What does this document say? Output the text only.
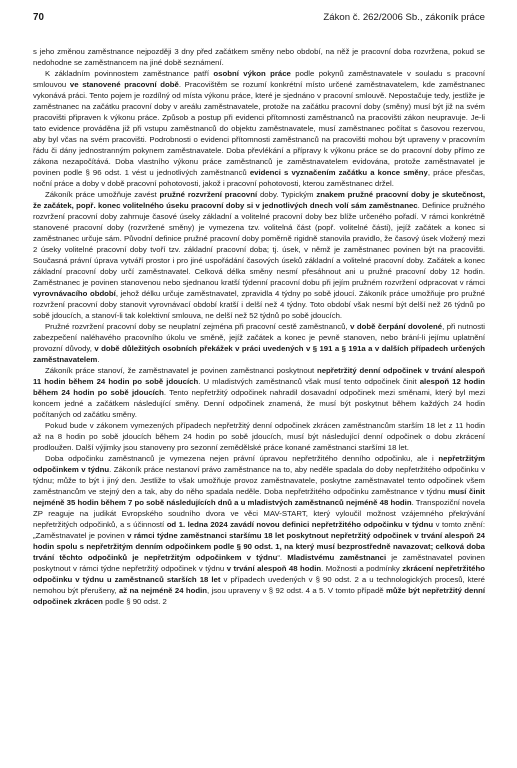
70	Zákon č. 262/2006 Sb., zákoník práce

s jeho změnou zaměstnance nejpozději 3 dny před začátkem směny nebo období, na něž je pracovní doba rozvržena, pokud se nedohodne se zaměstnancem na jiné době seznámení.

K základním povinnostem zaměstnance patří osobní výkon práce podle pokynů zaměstnavatele v souladu s pracovní smlouvou ve stanovené pracovní době. Pracovištěm se rozumí konkrétní místo určené zaměstnavatelem, kde zaměstnanec vykonává práci. Tento pojem je rozdílný od místa výkonu práce, které je sjednáno v pracovní smlouvě. Nepostačuje tedy, jestliže je zaměstnanec na začátku pracovní doby v areálu zaměstnavatele, protože na začátku pracovní doby (směny) musí být již na svém pracovišti připraven k výkonu práce. Způsob a postup při evidenci přítomnosti zaměstnanců na pracovišti zákon neupravuje. Je-li tato evidence prováděna již při vstupu zaměstnanců do objektu zaměstnavatele, musí zaměstnanec počítat s časovou rezervou, aby byl včas na svém pracovišti. Podrobnosti o evidenci přítomnosti zaměstnanců na pracovišti mohou být upraveny v pracovním řádu či dány jednostranným pokynem zaměstnavatele. Doba převlékání a přípravy k výkonu práce se do pracovní doby přímo ze zákona nezapočítává. Doba vlastního výkonu práce zaměstnanců je zaměstnavatelem evidována, protože zaměstnavatel je povinen podle § 96 odst. 1 vést u jednotlivých zaměstnanců evidenci s vyznačením začátku a konce směny, práce přesčas, noční práce a doby v době pracovní pohotovosti, jakož i pracovní pohotovosti, kterou zaměstnanec držel.

Zákoník práce umožňuje zavést pružné rozvržení pracovní doby. Typickým znakem pružné pracovní doby je skutečnost, že začátek, popř. konec volitelného úseku pracovní doby si v jednotlivých dnech volí sám zaměstnanec. Definice pružného rozvržení pracovní doby zahrnuje časové úseky základní a volitelné pracovní doby bez blíže určeného pořadí. V rámci konkrétně stanovené pracovní doby (rozvržené směny) je vymezena tzv. volitelná část (popř. volitelné části), jejíž začátek a konec si zaměstnanec určuje sám. Původní definice pružné pracovní doby poměrně rigidně stanovila pravidlo, že časový úsek vložený mezi 2 úseky volitelné pracovní doby tvoří tzv. základní pracovní doba; tj. úsek, v němž je zaměstnanec povinen být na pracovišti. Současná právní úprava vytváří prostor i pro jiné uspořádání časových úseků základní a volitelné pracovní doby. Začátek a konec základní pracovní doby určí zaměstnavatel. Celková délka směny nesmí přesáhnout ani u pružné pracovní doby 12 hodin. Zaměstnanec je povinen stanovenou nebo sjednanou kratší týdenní pracovní dobu při jejím pružném rozvržení odpracovat v rámci vyrovnávacího období, jehož délku určuje zaměstnavatel, zpravidla 4 týdny po sobě jdoucí. Zákoník práce umožňuje pro pružné rozvržení pracovní doby stanovit vyrovnávací období kratší i delší než 4 týdny. Toto období však nesmí být delší než 26 týdnů po sobě jdoucích, a stanoví-li tak kolektivní smlouva, ne delší než 52 týdnů po sobě jdoucích.

Pružné rozvržení pracovní doby se neuplatní zejména při pracovní cestě zaměstnanců, v době čerpání dovolené, při nutnosti zabezpečení naléhavého pracovního úkolu ve směně, jejíž začátek a konec je pevně stanoven, nebo brání-li jejímu uplatnění provozní důvody, v době důležitých osobních překážek v práci uvedených v § 191 a § 191a a v dalších případech určených zaměstnavatelem.

Zákoník práce stanoví, že zaměstnavatel je povinen zaměstnanci poskytnout nepřetržitý denní odpočinek v trvání alespoň 11 hodin během 24 hodin po sobě jdoucích. U mladistvých zaměstnanců však musí tento odpočinek činit alespoň 12 hodin během 24 hodin po sobě jdoucích. Tento nepřetržitý odpočinek nahradil dosavadní odpočinek mezi směnami, který byl mezi koncem jedné a začátkem následující směny. Denní odpočinek znamená, že musí být poskytnut během každých 24 hodin počítaných od začátku směny.

Pokud bude v zákonem vymezených případech nepřetržitý denní odpočinek zkrácen zaměstnancům starším 18 let z 11 hodin až na 8 hodin po sobě jdoucích během 24 hodin po sobě jdoucích, musí být následující denní odpočinek o dobu zkrácení prodloužen. Další výjimky jsou stanoveny pro sezonní zemědělské práce konané zaměstnanci staršími 18 let.

Doba odpočinku zaměstnanců je vymezena nejen právní úpravou nepřetržitého denního odpočinku, ale i nepřetržitým odpočinkem v týdnu. Zákoník práce nestanoví právo zaměstnance na to, aby neděle spadala do doby nepřetržitého odpočinku v týdnu; může to být i jiný den. Jestliže to však umožňuje provoz zaměstnavatele, poskytne zaměstnavatel tento odpočinek všem zaměstnancům ve stejný den a tak, aby do něho spadala neděle. Doba nepřetržitého odpočinku zaměstnance v týdnu musí činit nejméně 35 hodin během 7 po sobě následujících dnů a u mladistvých zaměstnanců nejméně 48 hodin. Transpoziční novela ZP reaguje na judikát Evropského soudního dvora ve věci MAV-START, který vyloučil možnost vzájemného překrývání nepřetržitých odpočinků, a s účinností od 1. ledna 2024 zavádí novou definici nepřetržitého odpočinku v týdnu v tomto znění: „Zaměstnavatel je povinen v rámci týdne zaměstnanci staršímu 18 let poskytnout nepřetržitý odpočinek v trvání alespoň 24 hodin spolu s nepřetržitým denním odpočinkem podle § 90 odst. 1, na který musí bezprostředně navazovat; celková doba trvání těchto odpočinků je nepřetržitým odpočinkem v týdnu“. Mladistvému zaměstnanci je zaměstnavatel povinen poskytnout v rámci týdne nepřetržitý odpočinek v týdnu v trvání alespoň 48 hodin. Možnosti a podmínky zkrácení nepřetržitého odpočinku v týdnu u zaměstnanců starších 18 let v případech uvedených v § 90 odst. 2 a u technologických procesů, které nemohou být přerušeny, až na nejméně 24 hodin, jsou upraveny v § 92 odst. 4 a 5. V tomto případě může být nepřetržitý denní odpočinek zkrácen podle § 90 odst. 2
